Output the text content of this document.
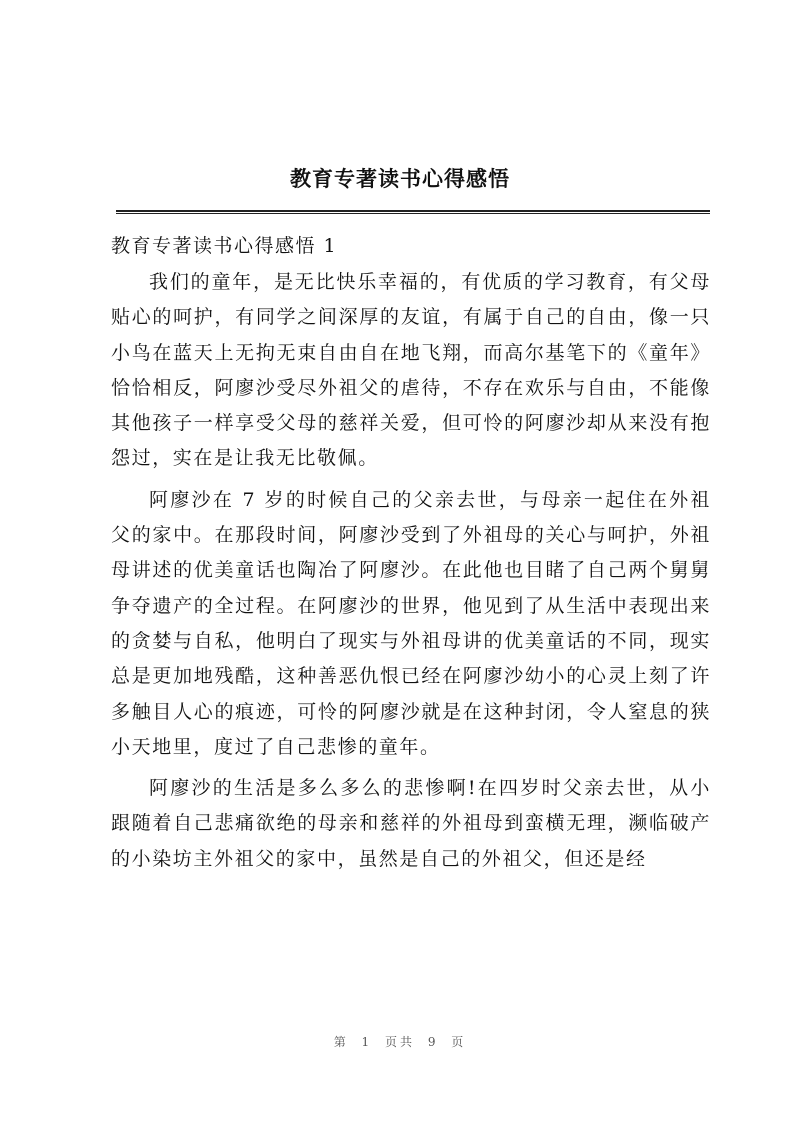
教育专著读书心得感悟

教育专著读书心得感悟 1

我们的童年，是无比快乐幸福的，有优质的学习教育，有父母贴心的呵护，有同学之间深厚的友谊，有属于自己的自由，像一只小鸟在蓝天上无拘无束自由自在地飞翔，而高尔基笔下的《童年》恰恰相反，阿廖沙受尽外祖父的虐待，不存在欢乐与自由，不能像其他孩子一样享受父母的慈祥关爱，但可怜的阿廖沙却从来没有抱怨过，实在是让我无比敬佩。

阿廖沙在 7 岁的时候自己的父亲去世，与母亲一起住在外祖父的家中。在那段时间，阿廖沙受到了外祖母的关心与呵护，外祖母讲述的优美童话也陶冶了阿廖沙。在此他也目睹了自己两个舅舅争夺遗产的全过程。在阿廖沙的世界，他见到了从生活中表现出来的贪婪与自私，他明白了现实与外祖母讲的优美童话的不同，现实总是更加地残酷，这种善恶仇恨已经在阿廖沙幼小的心灵上刻了许多触目人心的痕迹，可怜的阿廖沙就是在这种封闭，令人窒息的狭小天地里，度过了自己悲惨的童年。

阿廖沙的生活是多么多么的悲惨啊!在四岁时父亲去世，从小跟随着自己悲痛欲绝的母亲和慈祥的外祖母到蛮横无理，濒临破产的小染坊主外祖父的家中，虽然是自己的外祖父，但还是经

第 1 页共 9 页
